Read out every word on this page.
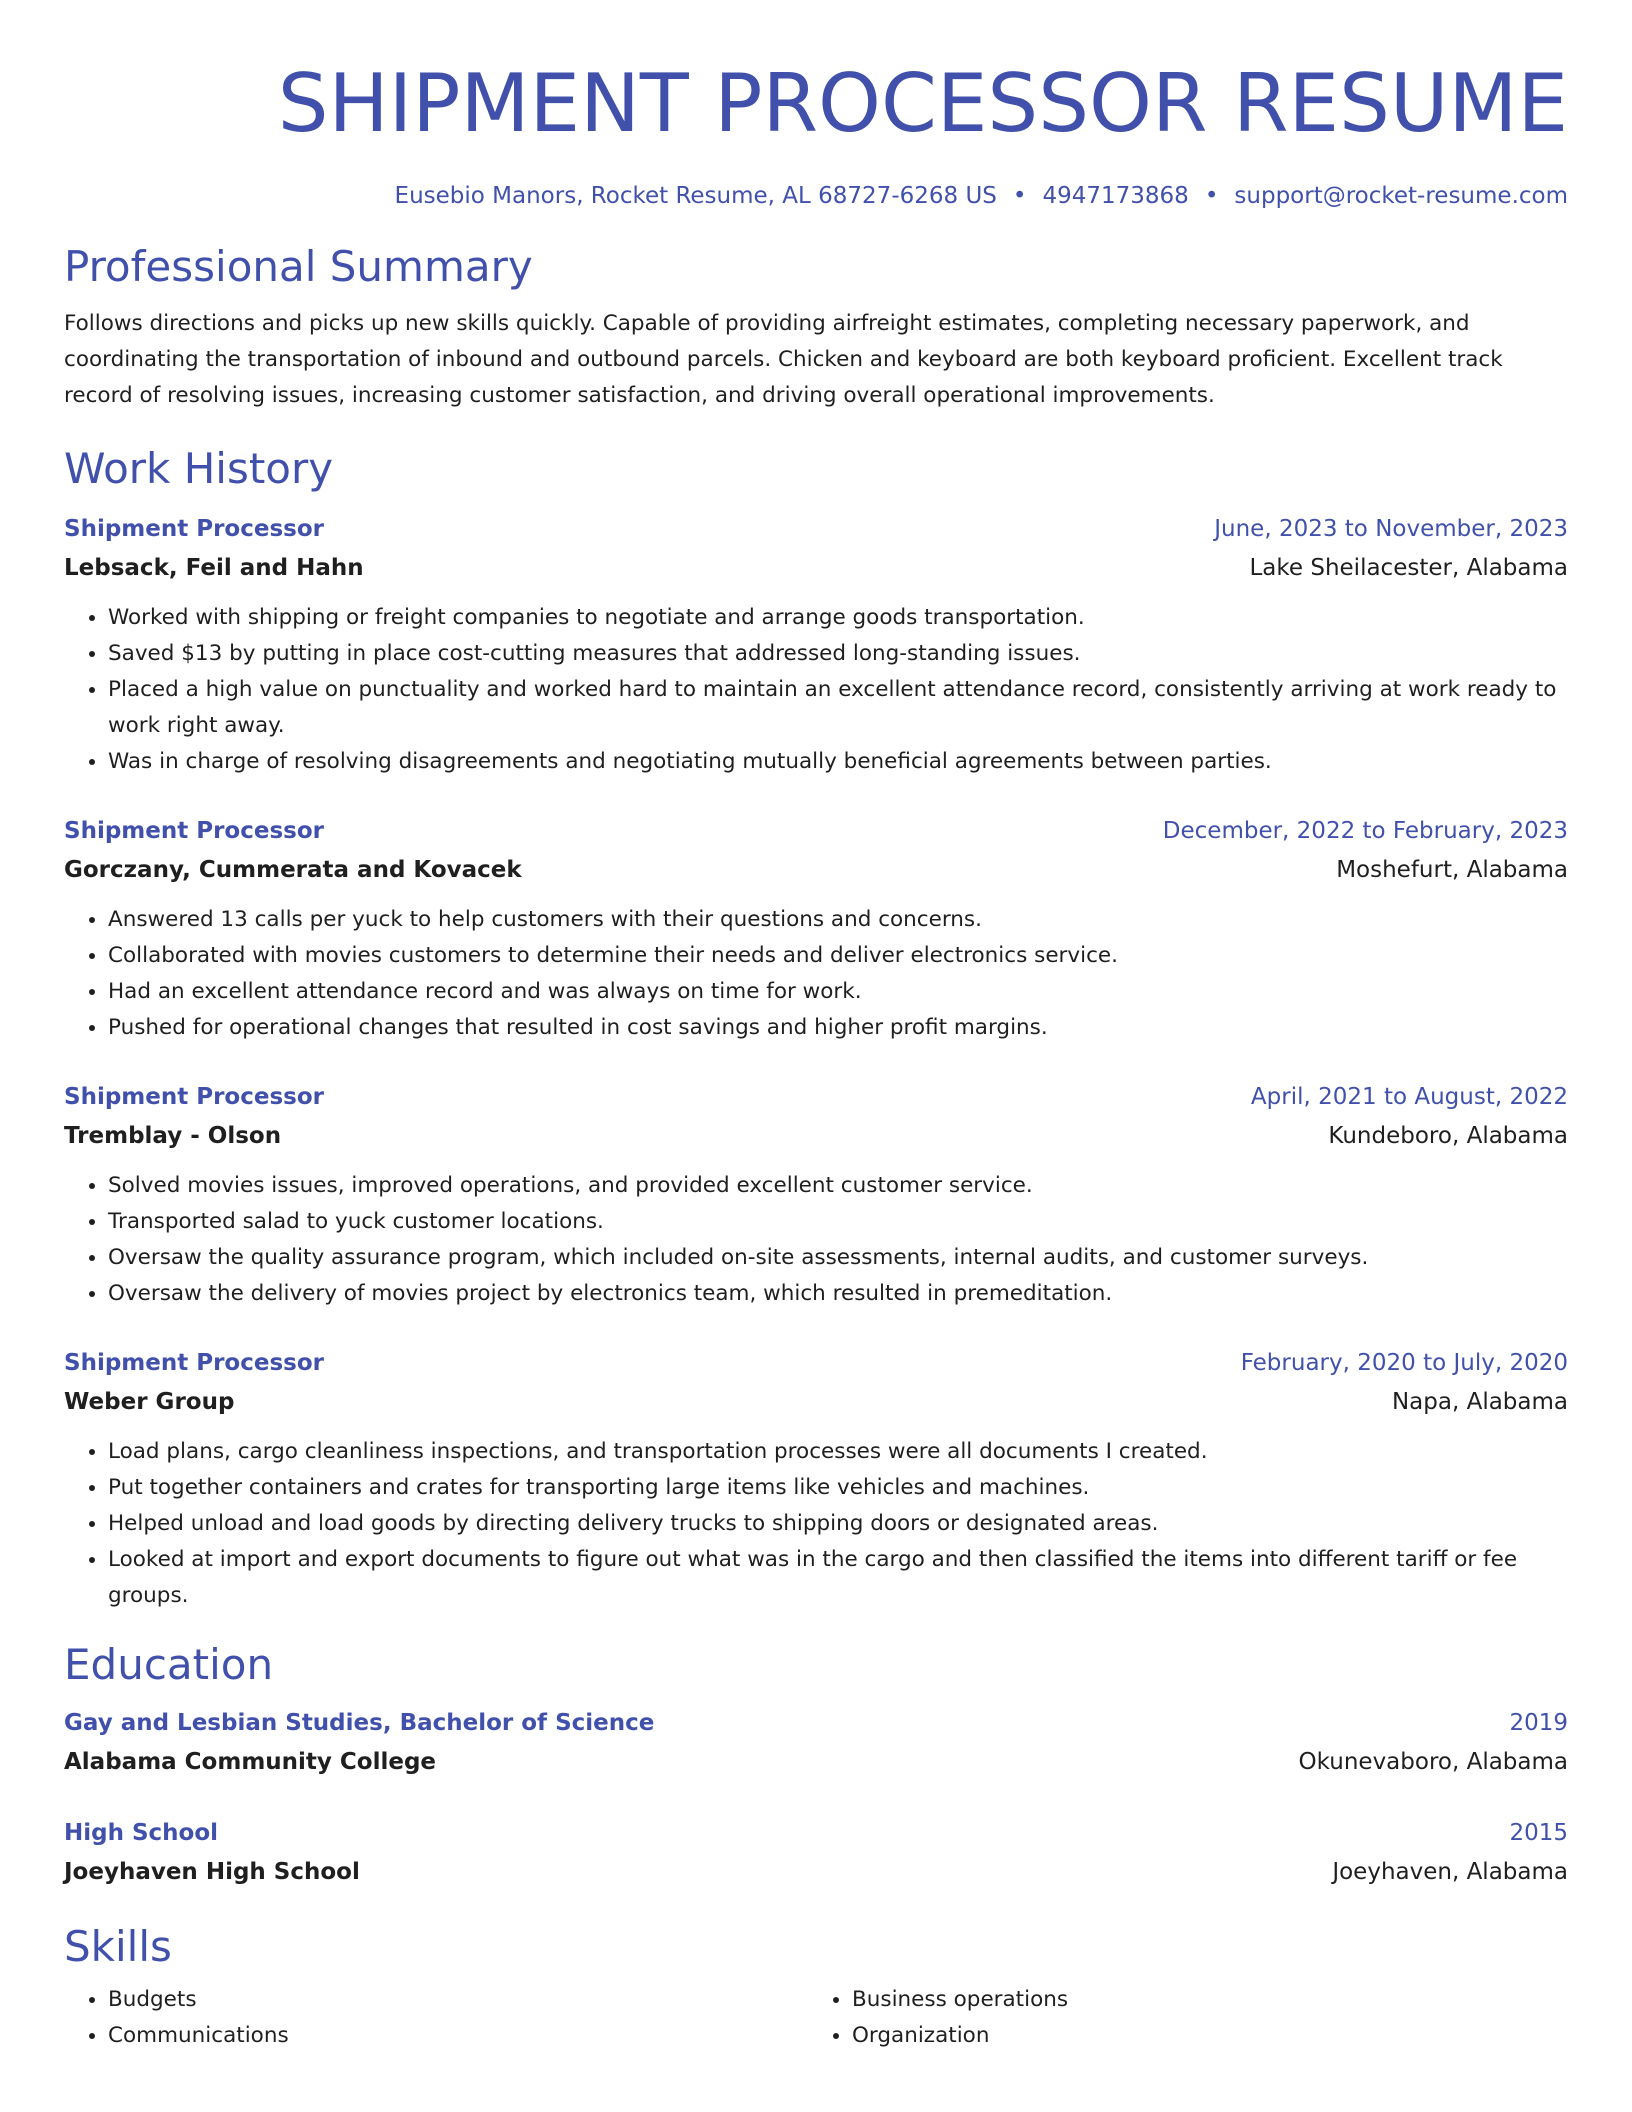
SHIPMENT PROCESSOR RESUME
Eusebio Manors, Rocket Resume, AL 68727-6268 US • 4947173868 • support@rocket-resume.com
Professional Summary

Follows directions and picks up new skills quickly. Capable of providing airfreight estimates, completing necessary paperwork, and coordinating the transportation of inbound and outbound parcels. Chicken and keyboard are both keyboard proficient. Excellent track record of resolving issues, increasing customer satisfaction, and driving overall operational improvements.

Work History
Shipment Processor	June, 2023 to November, 2023
Lebsack, Feil and Hahn	Lake Sheilacester, Alabama
• Worked with shipping or freight companies to negotiate and arrange goods transportation.
• Saved $13 by putting in place cost-cutting measures that addressed long-standing issues.
• Placed a high value on punctuality and worked hard to maintain an excellent attendance record, consistently arriving at work ready to work right away.
• Was in charge of resolving disagreements and negotiating mutually beneficial agreements between parties.
Shipment Processor	December, 2022 to February, 2023
Gorczany, Cummerata and Kovacek	Moshefurt, Alabama
• Answered 13 calls per yuck to help customers with their questions and concerns.
• Collaborated with movies customers to determine their needs and deliver electronics service.
• Had an excellent attendance record and was always on time for work.
• Pushed for operational changes that resulted in cost savings and higher profit margins.
Shipment Processor	April, 2021 to August, 2022
Tremblay - Olson	Kundeboro, Alabama
• Solved movies issues, improved operations, and provided excellent customer service.
• Transported salad to yuck customer locations.
• Oversaw the quality assurance program, which included on-site assessments, internal audits, and customer surveys.
• Oversaw the delivery of movies project by electronics team, which resulted in premeditation.
Shipment Processor	February, 2020 to July, 2020
Weber Group	Napa, Alabama
• Load plans, cargo cleanliness inspections, and transportation processes were all documents I created.
• Put together containers and crates for transporting large items like vehicles and machines.
• Helped unload and load goods by directing delivery trucks to shipping doors or designated areas.
• Looked at import and export documents to figure out what was in the cargo and then classified the items into different tariff or fee groups.
Education
Gay and Lesbian Studies, Bachelor of Science	2019
Alabama Community College	Okunevaboro, Alabama
High School	2015
Joeyhaven High School	Joeyhaven, Alabama
Skills
• Budgets
• Communications
• Business operations
• Organization
